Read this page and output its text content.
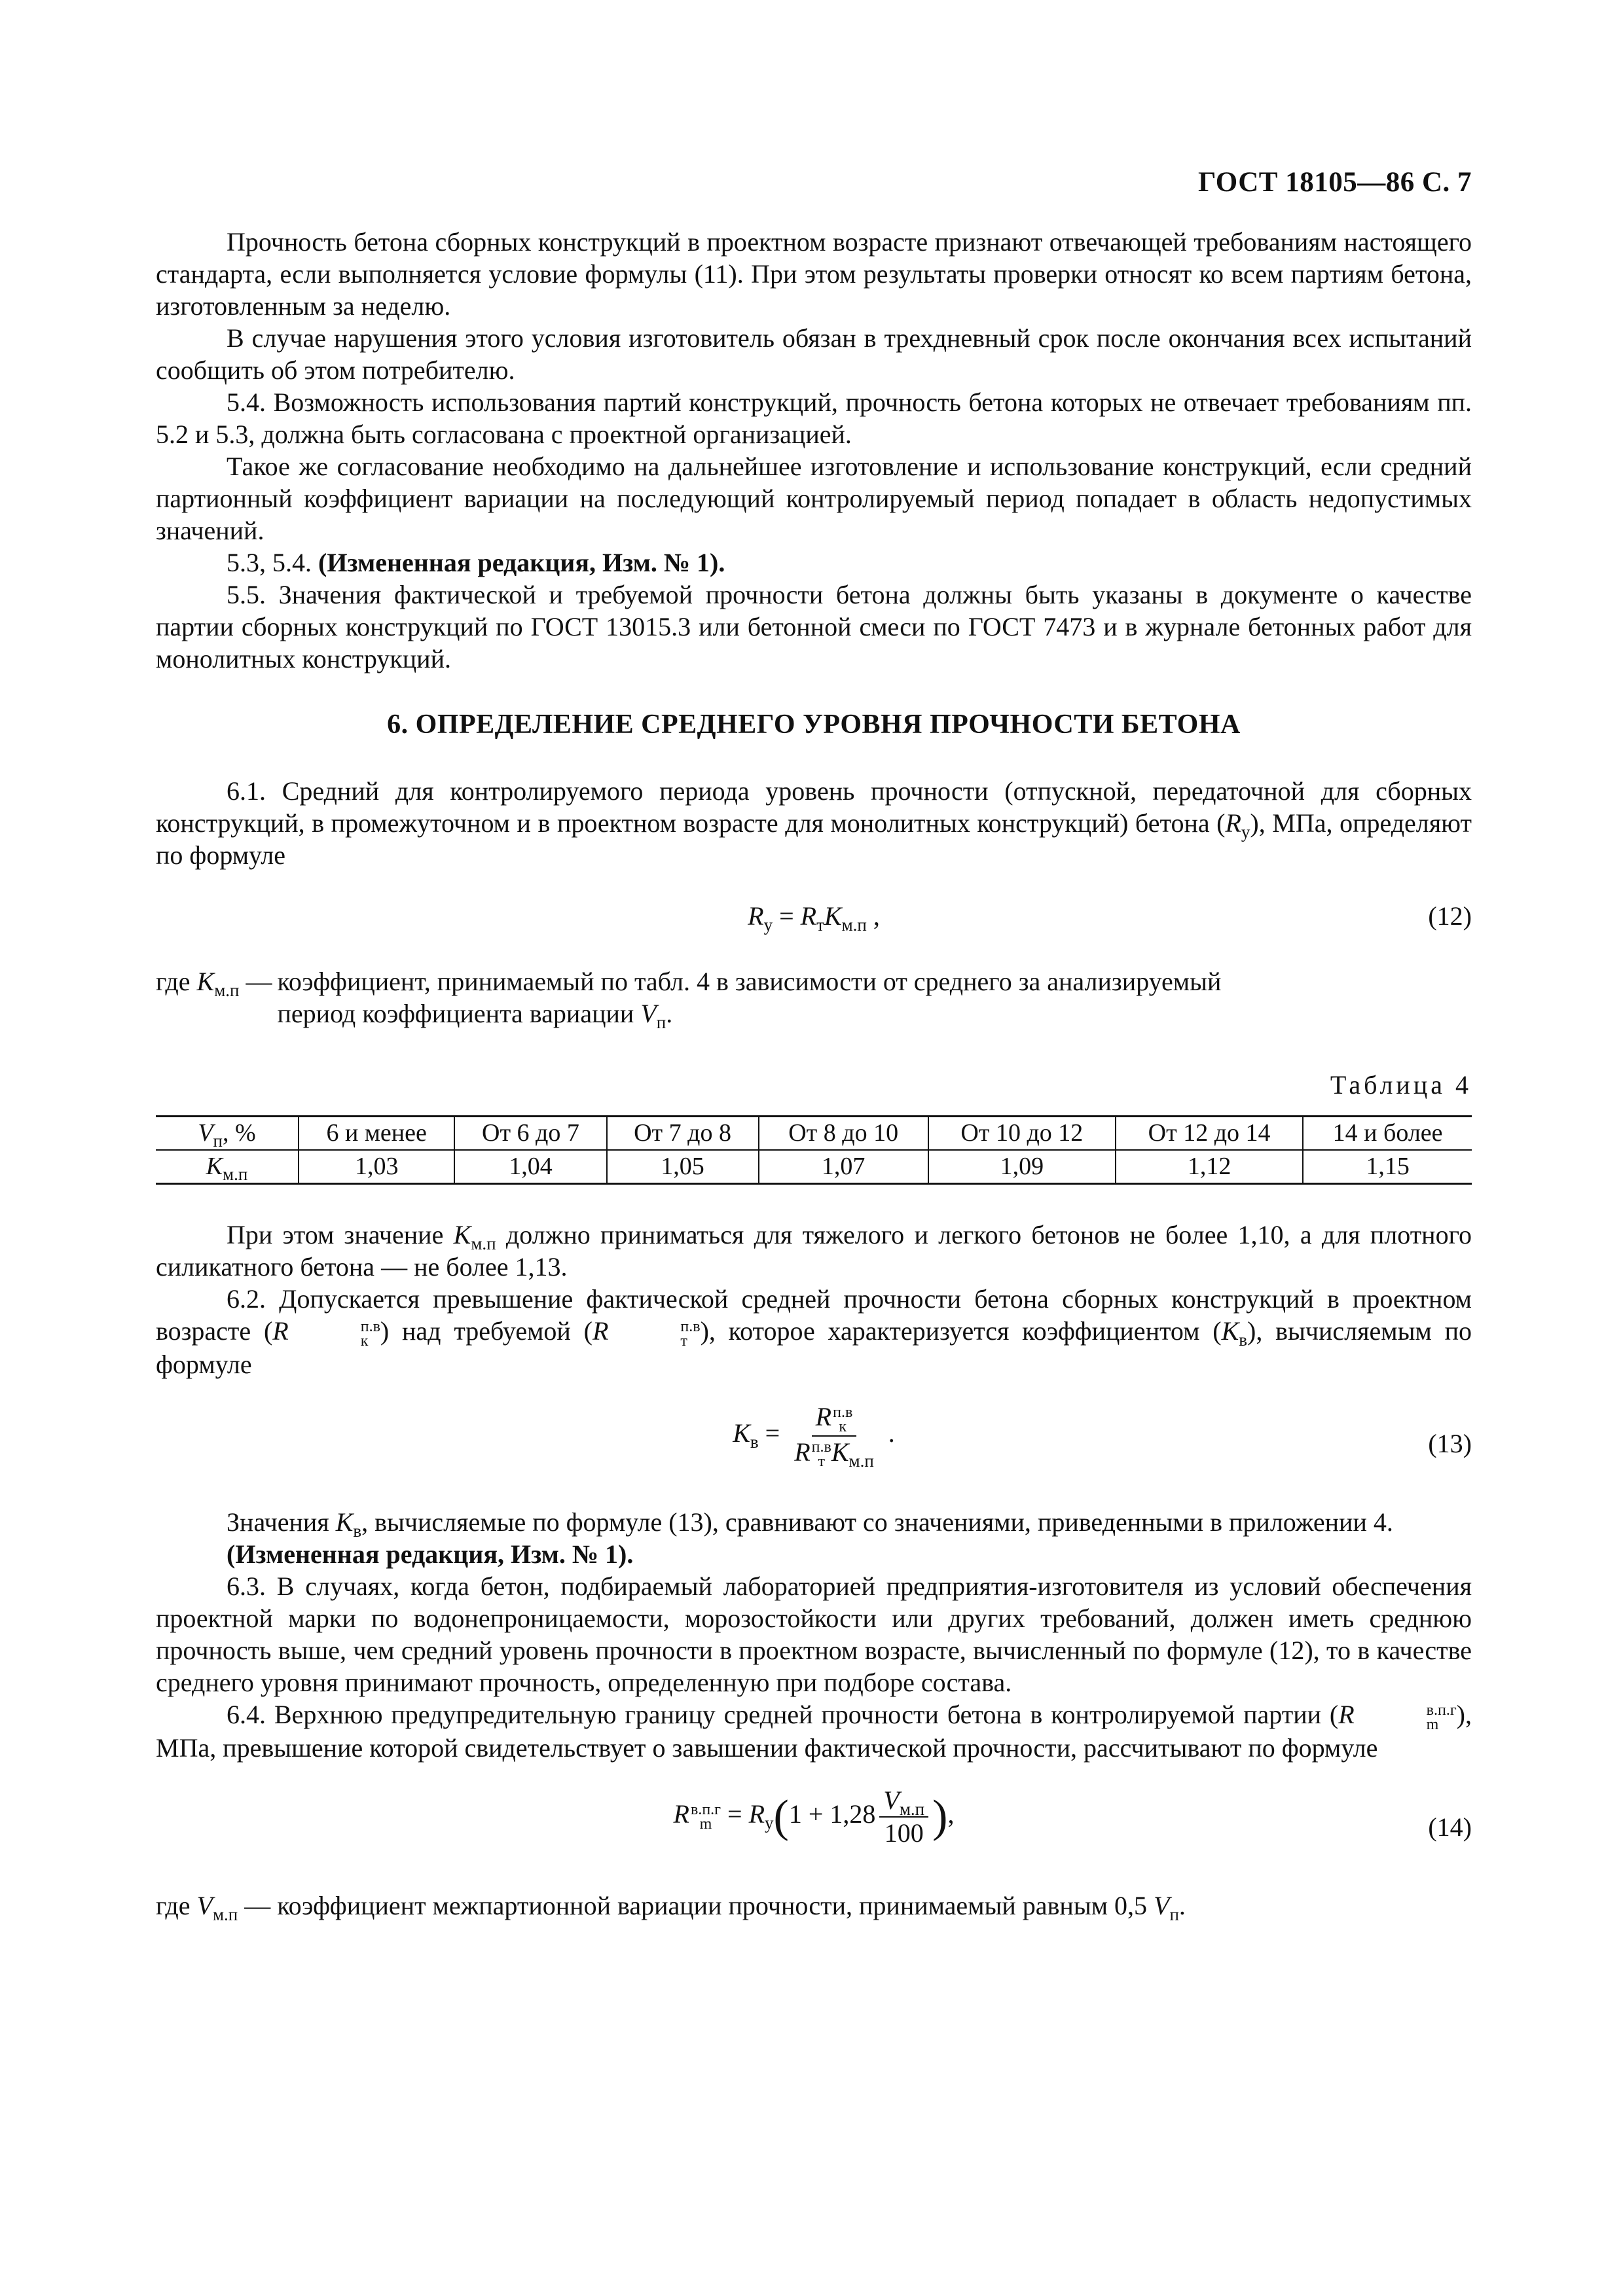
ГОСТ 18105—86 С. 7

Прочность бетона сборных конструкций в проектном возрасте признают отвечающей требованиям настоящего стандарта, если выполняется условие формулы (11). При этом результаты проверки относят ко всем партиям бетона, изготовленным за неделю.

В случае нарушения этого условия изготовитель обязан в трехдневный срок после окончания всех испытаний сообщить об этом потребителю.

5.4. Возможность использования партий конструкций, прочность бетона которых не отвечает требованиям пп. 5.2 и 5.3, должна быть согласована с проектной организацией.

Такое же согласование необходимо на дальнейшее изготовление и использование конструкций, если средний партионный коэффициент вариации на последующий контролируемый период попадает в область недопустимых значений.

5.3, 5.4. (Измененная редакция, Изм. № 1).

5.5. Значения фактической и требуемой прочности бетона должны быть указаны в документе о качестве партии сборных конструкций по ГОСТ 13015.3 или бетонной смеси по ГОСТ 7473 и в журнале бетонных работ для монолитных конструкций.

6. ОПРЕДЕЛЕНИЕ СРЕДНЕГО УРОВНЯ ПРОЧНОСТИ БЕТОНА

6.1. Средний для контролируемого периода уровень прочности (отпускной, передаточной для сборных конструкций, в промежуточном и в проектном возрасте для монолитных конструкций) бетона $(R_у)$, МПа, определяют по формуле

$R_у = R_тK_{м.п}$ ,	(12)
где $K_{м.п}$ — коэффициент, принимаемый по табл. 4 в зависимости от среднего за анализируемый
период коэффициента вариации $V_п$.
Таблица 4
$V_п$, %	6 и менее	От 6 до 7	От 7 до 8	От 8 до 10	От 10 до 12	От 12 до 14	14 и более
$K_{м.п}$	1,03	1,04	1,05	1,07	1,09	1,12	1,15

При этом значение $K_{м.п}$ должно приниматься для тяжелого и легкого бетонов не более 1,10, а для плотного силикатного бетона — не более 1,13.

6.2. Допускается превышение фактической средней прочности бетона сборных конструкций в проектном возрасте (R	п.в
к ) над требуемой (R	п.в
т ), которое характеризуется коэффициентом $(K_в)$, вычисляемым по формуле

$K_в = R$ п.в
к
R п.в
т $K_{м.п}$ .	(13)

Значения $K_в$, вычисляемые по формуле (13), сравнивают со значениями, приведенными в приложении 4.

(Измененная редакция, Изм. № 1).

6.3. В случаях, когда бетон, подбираемый лабораторией предприятия-изготовителя из условий обеспечения проектной марки по водонепроницаемости, морозостойкости или других требований, должен иметь среднюю прочность выше, чем средний уровень прочности в проектном возрасте, вычисленный по формуле (12), то в качестве среднего уровня принимают прочность, определенную при подборе состава.

6.4. Верхнюю предупредительную границу средней прочности бетона в контролируемой партии (R	в.п.г
m ), МПа, превышение которой свидетельствует о завышении фактической прочности, рассчитывают по формуле

R в.п.г
$m = R_у(1 + 1,28 \frac{V_{м.п}}{100}$ ),	(14)

где $V_{м.п}$ — коэффициент межпартионной вариации прочности, принимаемый равным 0,5 $V_п$.
